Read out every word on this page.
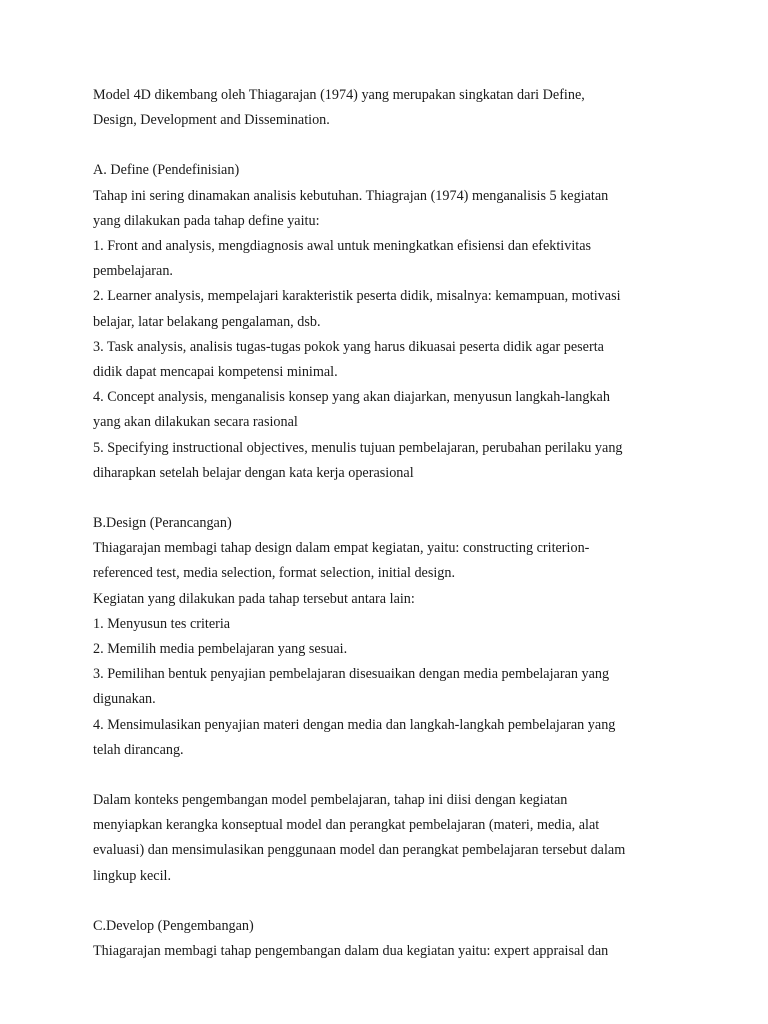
Model 4D dikembang oleh Thiagarajan (1974) yang merupakan singkatan dari Define,
Design, Development and Dissemination.

A. Define (Pendefinisian)
Tahap ini sering dinamakan analisis kebutuhan. Thiagrajan (1974) menganalisis 5 kegiatan
yang dilakukan pada tahap define yaitu:
1. Front and analysis, mengdiagnosis awal untuk meningkatkan efisiensi dan efektivitas
pembelajaran.
2. Learner analysis, mempelajari karakteristik peserta didik, misalnya: kemampuan, motivasi
belajar, latar belakang pengalaman, dsb.
3. Task analysis, analisis tugas-tugas pokok yang harus dikuasai peserta didik agar peserta
didik dapat mencapai kompetensi minimal.
4. Concept analysis, menganalisis konsep yang akan diajarkan, menyusun langkah-langkah
yang akan dilakukan secara rasional
5. Specifying instructional objectives, menulis tujuan pembelajaran, perubahan perilaku yang
diharapkan setelah belajar dengan kata kerja operasional
B.Design (Perancangan)
Thiagarajan membagi tahap design dalam empat kegiatan, yaitu: constructing criterion-
referenced test, media selection, format selection, initial design.
Kegiatan yang dilakukan pada tahap tersebut antara lain:
1. Menyusun tes criteria
2. Memilih media pembelajaran yang sesuai.
3. Pemilihan bentuk penyajian pembelajaran disesuaikan dengan media pembelajaran yang
digunakan.
4. Mensimulasikan penyajian materi dengan media dan langkah-langkah pembelajaran yang
telah dirancang.
Dalam konteks pengembangan model pembelajaran, tahap ini diisi dengan kegiatan
menyiapkan kerangka konseptual model dan perangkat pembelajaran (materi, media, alat
evaluasi) dan mensimulasikan penggunaan model dan perangkat pembelajaran tersebut dalam
lingkup kecil.
C.Develop (Pengembangan)
Thiagarajan membagi tahap pengembangan dalam dua kegiatan yaitu: expert appraisal dan
